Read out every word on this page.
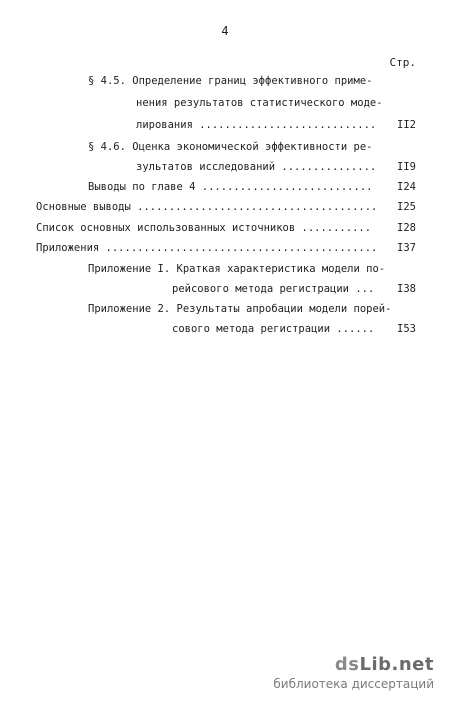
4
Стр.
§ 4.5. Определение границ эффективного приме-
нения результатов статистического моде-
лирования ............................ II2
§ 4.6. Оценка экономической эффективности ре-
зультатов исследований ............... II9
Выводы по главе 4 ........................... I24
Основные выводы ...................................... I25
Список основных использованных источников ........... I28
Приложения ........................................... I37
Приложение I. Краткая характеристика модели по-
рейсового метода регистрации ... I38
Приложение 2. Результаты апробации модели порей-
сового метода регистрации ...... I53
dsLib.net
библиотека диссертаций
